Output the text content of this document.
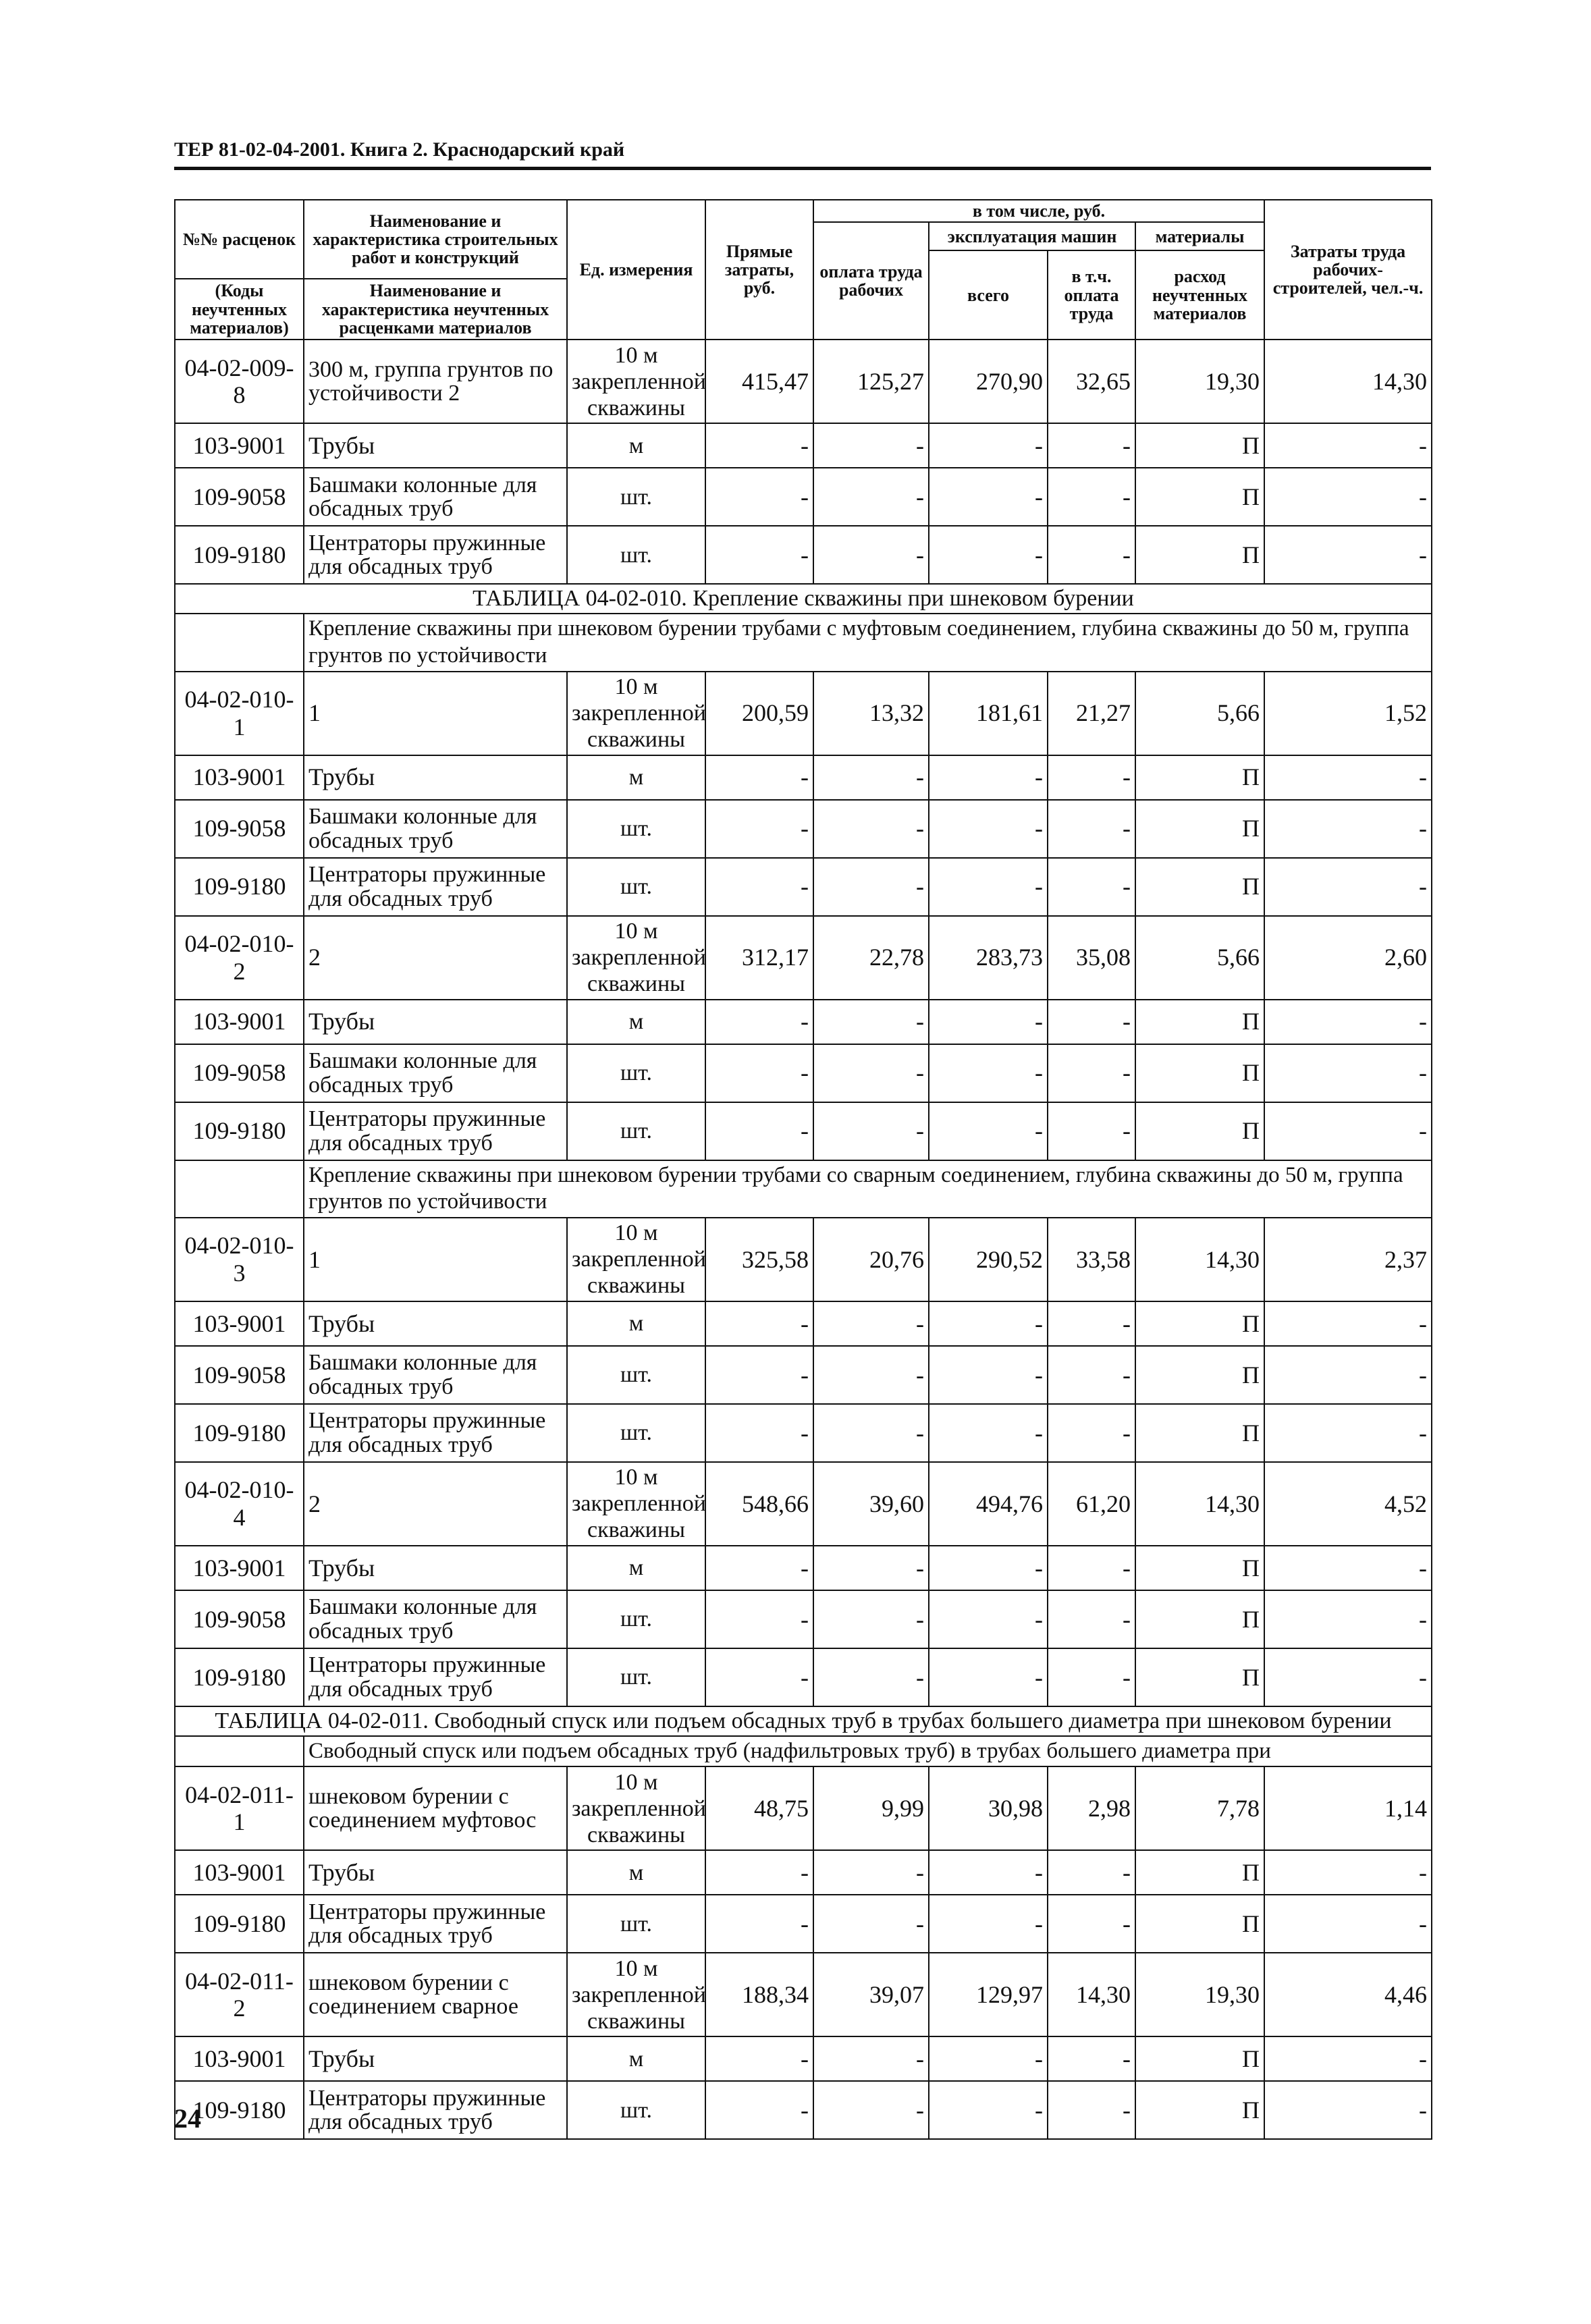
ТЕР 81-02-04-2001. Книга 2. Краснодарский край
№№ расценок	Наименование и характеристика строительных работ и конструкций	Ед. измерения	Прямые затраты, руб.	в том числе, руб.				Затраты труда рабочих-строителей, чел.-ч.
				оплата труда рабочих	эксплуатация машин		материалы	
					всего	в т.ч. оплата труда	расход неучтенных материалов	
(Коды неучтенных материалов)	Наименование и характеристика неучтенных расценками материалов							
04-02-009-8	300 м, группа грунтов по устойчивости 2	10 м закрепленной скважины	415,47	125,27	270,90	32,65	19,30	14,30
103-9001	Трубы	м	-	-	-	-	П	-
109-9058	Башмаки колонные для обсадных труб	шт.	-	-	-	-	П	-
109-9180	Центраторы пружинные для обсадных труб	шт.	-	-	-	-	П	-
ТАБЛИЦА 04-02-010. Крепление скважины при шнековом бурении								
	Крепление скважины при шнековом бурении трубами с муфтовым соединением, глубина скважины до 50 м, группа грунтов по устойчивости							
04-02-010-1	1	10 м закрепленной скважины	200,59	13,32	181,61	21,27	5,66	1,52
103-9001	Трубы	м	-	-	-	-	П	-
109-9058	Башмаки колонные для обсадных труб	шт.	-	-	-	-	П	-
109-9180	Центраторы пружинные для обсадных труб	шт.	-	-	-	-	П	-
04-02-010-2	2	10 м закрепленной скважины	312,17	22,78	283,73	35,08	5,66	2,60
103-9001	Трубы	м	-	-	-	-	П	-
109-9058	Башмаки колонные для обсадных труб	шт.	-	-	-	-	П	-
109-9180	Центраторы пружинные для обсадных труб	шт.	-	-	-	-	П	-
	Крепление скважины при шнековом бурении трубами со сварным соединением, глубина скважины до 50 м, группа грунтов по устойчивости							
04-02-010-3	1	10 м закрепленной скважины	325,58	20,76	290,52	33,58	14,30	2,37
103-9001	Трубы	м	-	-	-	-	П	-
109-9058	Башмаки колонные для обсадных труб	шт.	-	-	-	-	П	-
109-9180	Центраторы пружинные для обсадных труб	шт.	-	-	-	-	П	-
04-02-010-4	2	10 м закрепленной скважины	548,66	39,60	494,76	61,20	14,30	4,52
103-9001	Трубы	м	-	-	-	-	П	-
109-9058	Башмаки колонные для обсадных труб	шт.	-	-	-	-	П	-
109-9180	Центраторы пружинные для обсадных труб	шт.	-	-	-	-	П	-
ТАБЛИЦА 04-02-011. Свободный спуск или подъем обсадных труб в трубах большего диаметра при шнековом бурении								
	Свободный спуск или подъем обсадных труб (надфильтровых труб) в трубах большего диаметра при							
04-02-011-1	шнековом бурении с соединением муфтовос	10 м закрепленной скважины	48,75	9,99	30,98	2,98	7,78	1,14
103-9001	Трубы	м	-	-	-	-	П	-
109-9180	Центраторы пружинные для обсадных труб	шт.	-	-	-	-	П	-
04-02-011-2	шнековом бурении с соединением сварное	10 м закрепленной скважины	188,34	39,07	129,97	14,30	19,30	4,46
103-9001	Трубы	м	-	-	-	-	П	-
109-9180	Центраторы пружинные для обсадных труб	шт.	-	-	-	-	П	-
24
